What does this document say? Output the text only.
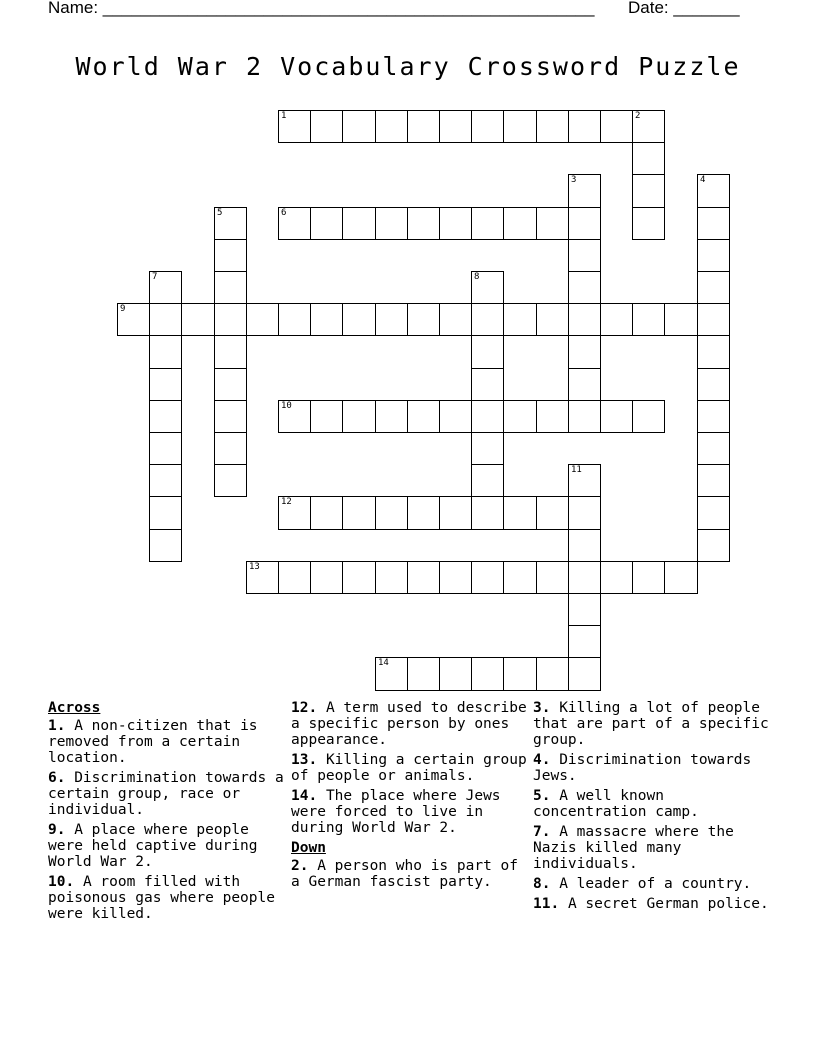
Name: ____________________________________________________ Date: _______
World War 2 Vocabulary Crossword Puzzle
1	2
3	4
5	6
7	8
9
10
11
12
13
14
Across
1. A non-citizen that is removed from a certain location.
6. Discrimination towards a certain group, race or individual.
9. A place where people were held captive during World War 2.
10. A room filled with poisonous gas where people were killed.
12. A term used to describe a specific person by ones appearance.
13. Killing a certain group of people or animals.
14. The place where Jews were forced to live in during World War 2.
Down
2. A person who is part of a German fascist party.
3. Killing a lot of people that are part of a specific group.
4. Discrimination towards Jews.
5. A well known concentration camp.
7. A massacre where the Nazis killed many individuals.
8. A leader of a country.
11. A secret German police.
